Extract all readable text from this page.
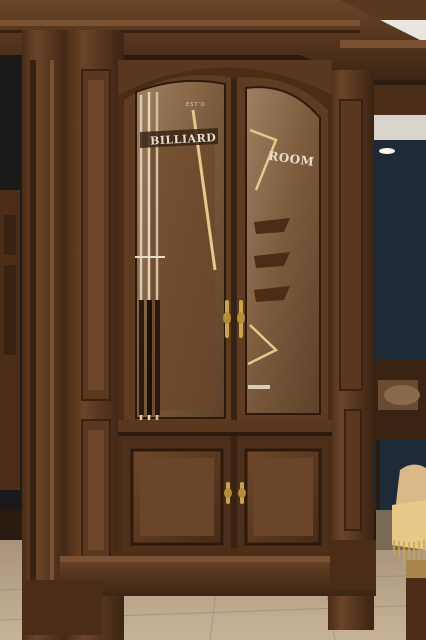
EST'D
BILLIARD
ROOM
